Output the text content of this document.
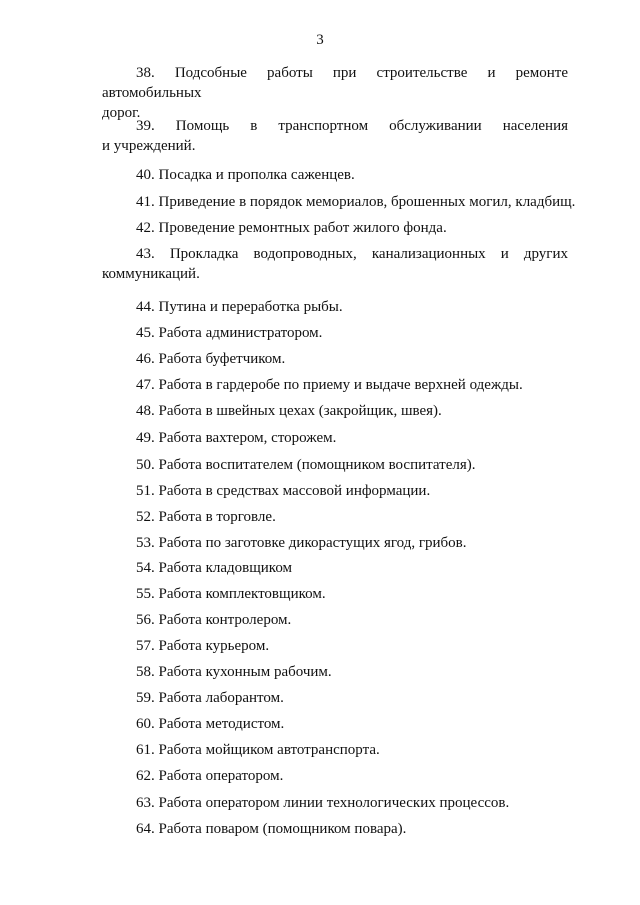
3
38. Подсобные работы при строительстве и ремонте автомобильных
дорог.
39. Помощь в транспортном обслуживании населения
и учреждений.
40. Посадка и прополка саженцев.
41. Приведение в порядок мемориалов, брошенных могил, кладбищ.
42. Проведение ремонтных работ жилого фонда.
43. Прокладка водопроводных, канализационных и других
коммуникаций.
44. Путина и переработка рыбы.
45. Работа администратором.
46. Работа буфетчиком.
47. Работа в гардеробе по приему и выдаче верхней одежды.
48. Работа в швейных цехах (закройщик, швея).
49. Работа вахтером, сторожем.
50. Работа воспитателем (помощником воспитателя).
51. Работа в средствах массовой информации.
52. Работа в торговле.
53. Работа по заготовке дикорастущих ягод, грибов.
54. Работа кладовщиком
55. Работа комплектовщиком.
56. Работа контролером.
57. Работа курьером.
58. Работа кухонным рабочим.
59. Работа лаборантом.
60. Работа методистом.
61. Работа мойщиком автотранспорта.
62. Работа оператором.
63. Работа оператором линии технологических процессов.
64. Работа поваром (помощником повара).
